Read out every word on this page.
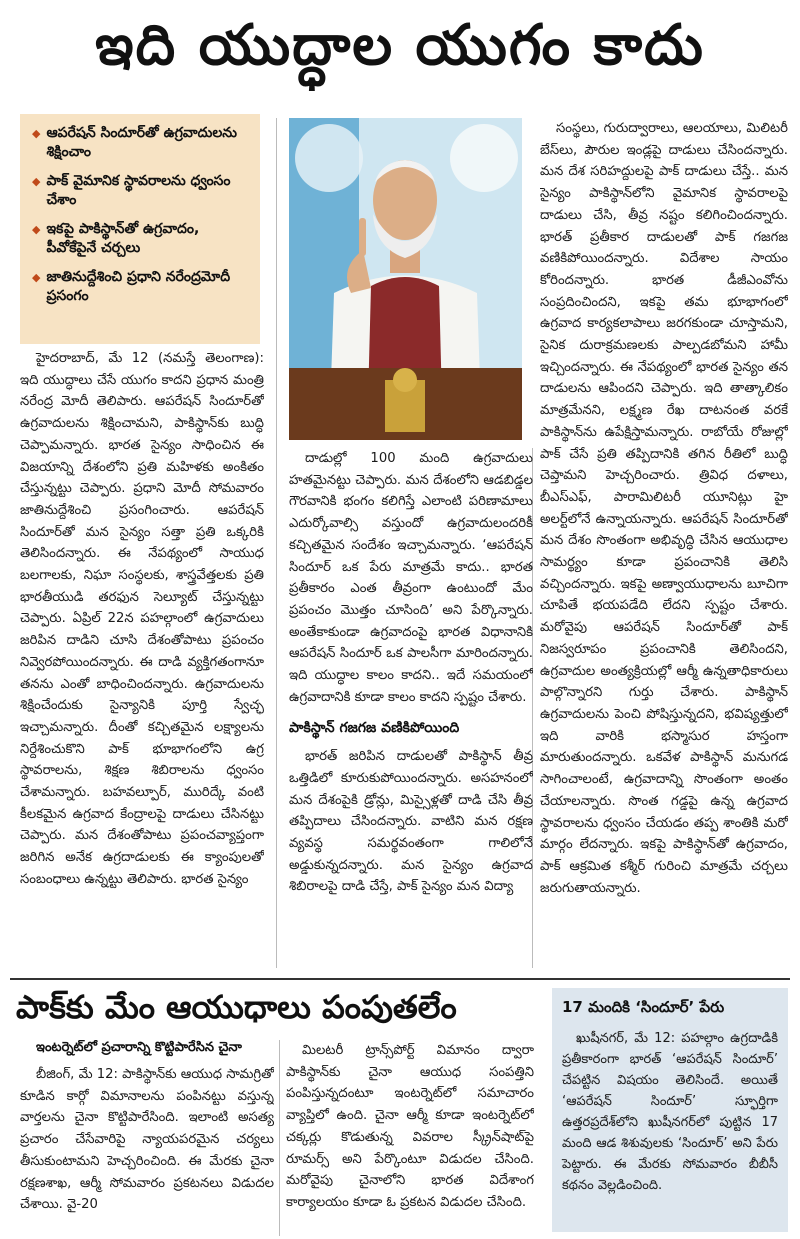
ఇది యుద్ధాల యుగం కాదు
◆ ఆపరేషన్ సిందూర్‌తో ఉగ్రవాదులను శిక్షించాం
◆ పాక్ వైమానిక స్థావరాలను ధ్వంసం చేశాం
◆ ఇకపై పాకిస్థాన్‌తో ఉగ్రవాదం, పీవోకేపైనే చర్చలు
◆ జాతినుద్దేశించి ప్రధాని నరేంద్రమోదీ ప్రసంగం

హైదరాబాద్, మే 12 (నమస్తే తెలంగాణ): ఇది యుద్ధాలు చేసే యుగం కాదని ప్రధాన మంత్రి నరేంద్ర మోదీ తెలిపారు. ఆపరేషన్ సిందూర్‌తో ఉగ్రవాదులను శిక్షించామని, పాకిస్థాన్‌కు బుద్ధి చెప్పామన్నారు. భారత సైన్యం సాధించిన ఈ విజయాన్ని దేశంలోని ప్రతి మహిళకు అంకితం చేస్తున్నట్టు చెప్పారు. ప్రధాని మోదీ సోమవారం జాతినుద్దేశించి ప్రసంగించారు. ఆపరేషన్ సిందూర్‌తో మన సైన్యం సత్తా ప్రతి ఒక్కరికి తెలిసిందన్నారు. ఈ నేపథ్యంలో సాయుధ బలగాలకు, నిఘా సంస్థలకు, శాస్త్రవేత్తలకు ప్రతి భారతీయుడి తరఫున సెల్యూట్ చేస్తున్నట్టు చెప్పారు. ఏప్రిల్ 22న పహల్గాంలో ఉగ్రవాదులు జరిపిన దాడిని చూసి దేశంతోపాటు ప్రపంచం నివ్వెరపోయిందన్నారు. ఈ దాడి వ్యక్తిగతంగానూ తనను ఎంతో బాధించిందన్నారు. ఉగ్రవాదులను శిక్షించేందుకు సైన్యానికి పూర్తి స్వేచ్ఛ ఇచ్చామన్నారు. దీంతో కచ్చితమైన లక్ష్యాలను నిర్దేశించుకొని పాక్ భూభాగంలోని ఉగ్ర స్థావరాలను, శిక్షణ శిబిరాలను ధ్వంసం చేశామన్నారు. బహవల్పూర్, మురిద్కే వంటి కీలకమైన ఉగ్రవాద కేంద్రాలపై దాడులు చేసినట్టు చెప్పారు. మన దేశంతోపాటు ప్రపంచవ్యాప్తంగా జరిగిన అనేక ఉగ్రదాడులకు ఈ క్యాంపులతో సంబంధాలు ఉన్నట్టు తెలిపారు. భారత సైన్యం

దాడుల్లో 100 మంది ఉగ్రవాదులు హతమైనట్టు చెప్పారు. మన దేశంలోని ఆడబిడ్డల గౌరవానికి భంగం కలిగిస్తే ఎలాంటి పరిణామాలు ఎదుర్కోవాల్సి వస్తుందో ఉగ్రవాదులందరికీ కచ్చితమైన సందేశం ఇచ్చామన్నారు. ‘ఆపరేషన్ సిందూర్ ఒక పేరు మాత్రమే కాదు.. భారత ప్రతీకారం ఎంత తీవ్రంగా ఉంటుందో మేం ప్రపంచం మొత్తం చూసింది’ అని పేర్కొన్నారు. అంతేకాకుండా ఉగ్రవాదంపై భారత విధానానికి ఆపరేషన్ సిందూర్ ఒక పాలసీగా మారిందన్నారు. ఇది యుద్ధాల కాలం కాదని.. ఇదే సమయంలో ఉగ్రవాదానికి కూడా కాలం కాదని స్పష్టం చేశారు.

పాకిస్థాన్ గజగజ వణికిపోయింది

భారత్ జరిపిన దాడులతో పాకిస్థాన్ తీవ్ర ఒత్తిడిలో కూరుకుపోయిందన్నారు. అసహనంలో మన దేశంపైకి డ్రోన్లు, మిస్సైళ్లతో దాడి చేసి తీవ్ర తప్పిదాలు చేసిందన్నారు. వాటిని మన రక్షణ వ్యవస్థ సమర్థవంతంగా గాలిలోనే అడ్డుకున్నదన్నారు. మన సైన్యం ఉగ్రవాద శిబిరాలపై దాడి చేస్తే, పాక్ సైన్యం మన విద్యా

సంస్థలు, గురుద్వారాలు, ఆలయాలు, మిలిటరీ బేస్‌లు, పౌరుల ఇండ్లపై దాడులు చేసిందన్నారు. మన దేశ సరిహద్దులపై పాక్ దాడులు చేస్తే.. మన సైన్యం పాకిస్థాన్‌లోని వైమానిక స్థావరాలపై దాడులు చేసి, తీవ్ర నష్టం కలిగించిందన్నారు. భారత్ ప్రతీకార దాడులతో పాక్ గజగజ వణికిపోయిందన్నారు. విదేశాల సాయం కోరిందన్నారు. భారత డీజీఎంవోను సంప్రదించిందని, ఇకపై తమ భూభాగంలో ఉగ్రవాద కార్యకలాపాలు జరగకుండా చూస్తామని, సైనిక దురాక్రమణలకు పాల్పడబోమని హామీ ఇచ్చిందన్నారు. ఈ నేపథ్యంలో భారత సైన్యం తన దాడులను ఆపిందని చెప్పారు. ఇది తాత్కాలికం మాత్రమేనని, లక్ష్మణ రేఖ దాటనంత వరకే పాకిస్థాన్‌ను ఉపేక్షిస్తామన్నారు. రాబోయే రోజుల్లో పాక్ చేసే ప్రతి తప్పిదానికి తగిన రీతిలో బుద్ధి చెప్తామని హెచ్చరించారు. త్రివిధ దళాలు, బీఎస్ఎఫ్, పారామిలిటరీ యూనిట్లు హై అలర్ట్‌లోనే ఉన్నాయన్నారు. ఆపరేషన్ సిందూర్‌తో మన దేశం సొంతంగా అభివృద్ధి చేసిన ఆయుధాల సామర్థ్యం కూడా ప్రపంచానికి తెలిసి వచ్చిందన్నారు. ఇకపై అణ్వాయుధాలను బూచిగా చూపితే భయపడేది లేదని స్పష్టం చేశారు. మరోవైపు ఆపరేషన్ సిందూర్‌తో పాక్ నిజస్వరూపం ప్రపంచానికి తెలిసిందని, ఉగ్రవాదుల అంత్యక్రియల్లో ఆర్మీ ఉన్నతాధికారులు పాల్గొన్నారని గుర్తు చేశారు. పాకిస్థాన్ ఉగ్రవాదులను పెంచి పోషిస్తున్నదని, భవిష్యత్తులో ఇది వారికి భస్మాసుర హస్తంగా మారుతుందన్నారు. ఒకవేళ పాకిస్థాన్ మనుగడ సాగించాలంటే, ఉగ్రవాదాన్ని సొంతంగా అంతం చేయాలన్నారు. సొంత గడ్డపై ఉన్న ఉగ్రవాద స్థావరాలను ధ్వంసం చేయడం తప్ప శాంతికి మరో మార్గం లేదన్నారు. ఇకపై పాకిస్థాన్‌తో ఉగ్రవాదం, పాక్ ఆక్రమిత కశ్మీర్ గురించి మాత్రమే చర్చలు జరుగుతాయన్నారు.

పాక్‌కు మేం ఆయుధాలు పంపుతలేం
ఇంటర్నెట్‌లో ప్రచారాన్ని కొట్టిపారేసిన చైనా

బీజింగ్, మే 12: పాకిస్థాన్‌కు ఆయుధ సామగ్రితో కూడిన కార్గో విమానాలను పంపినట్టు వస్తున్న వార్తలను చైనా కొట్టిపారేసింది. ఇలాంటి అసత్య ప్రచారం చేసేవారిపై న్యాయపరమైన చర్యలు తీసుకుంటామని హెచ్చరించింది. ఈ మేరకు చైనా రక్షణశాఖ, ఆర్మీ సోమవారం ప్రకటనలు విడుదల చేశాయి. వై-20

మిలటరీ ట్రాన్స్‌పోర్ట్ విమానం ద్వారా పాకిస్థాన్‌కు చైనా ఆయుధ సంపత్తిని పంపిస్తున్నదంటూ ఇంటర్నెట్‌లో సమాచారం వ్యాప్తిలో ఉంది. చైనా ఆర్మీ కూడా ఇంటర్నెట్‌లో చక్కర్లు కొడుతున్న వివరాల స్క్రీన్‌షాట్‌పై రూమర్స్ అని పేర్కొంటూ విడుదల చేసింది. మరోవైపు చైనాలోని భారత విదేశాంగ కార్యాలయం కూడా ఓ ప్రకటన విడుదల చేసింది.

17 మందికి ‘సిందూర్’ పేరు

ఖుషీనగర్, మే 12: పహల్గాం ఉగ్రదాడికి ప్రతీకారంగా భారత్ ‘ఆపరేషన్ సిందూర్’ చేపట్టిన విషయం తెలిసిందే. అయితే ‘ఆపరేషన్ సిందూర్’ స్ఫూర్తిగా ఉత్తరప్రదేశ్‌లోని ఖుషీనగర్‌లో పుట్టిన 17 మంది ఆడ శిశువులకు ‘సిందూర్’ అని పేరు పెట్టారు. ఈ మేరకు సోమవారం బీబీసీ కథనం వెల్లడించింది.
